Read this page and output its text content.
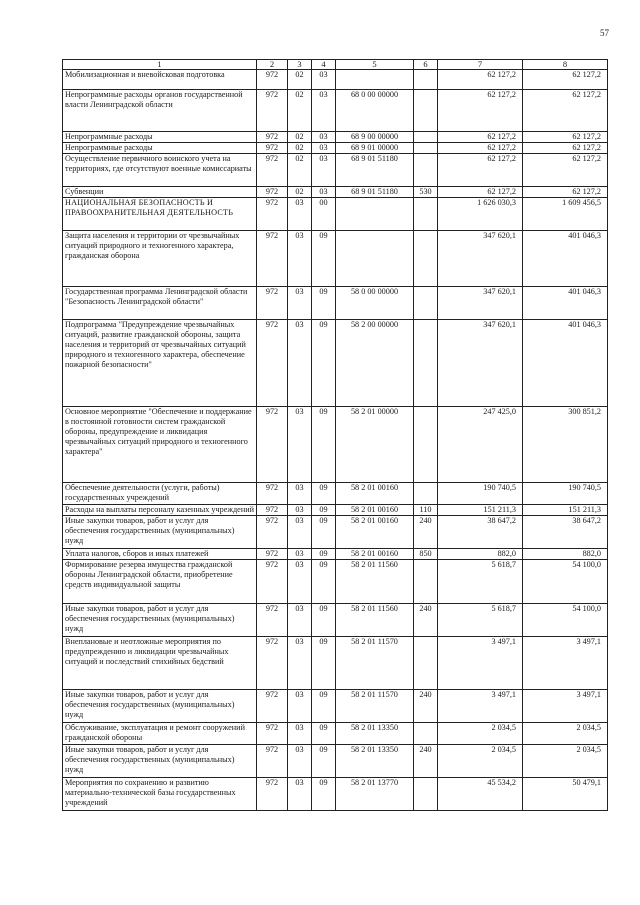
57
1	2	3	4	5	6	7	8
Мобилизационная и вневойсковая подготовка	972	02	03			62 127,2	62 127,2
Непрограммные расходы органов государственной власти Ленинградской области	972	02	03	68 0 00 00000		62 127,2	62 127,2
Непрограммные расходы	972	02	03	68 9 00 00000		62 127,2	62 127,2
Непрограммные расходы	972	02	03	68 9 01 00000		62 127,2	62 127,2
Осуществление первичного воинского учета на территориях, где отсутствуют военные комиссариаты	972	02	03	68 9 01 51180		62 127,2	62 127,2
Субвенции	972	02	03	68 9 01 51180	530	62 127,2	62 127,2
НАЦИОНАЛЬНАЯ БЕЗОПАСНОСТЬ И ПРАВООХРАНИТЕЛЬНАЯ ДЕЯТЕЛЬНОСТЬ	972	03	00			1 626 030,3	1 609 456,5
Защита населения и территории от чрезвычайных ситуаций природного и техногенного характера, гражданская оборона	972	03	09			347 620,1	401 046,3
Государственная программа Ленинградской области "Безопасность Ленинградской области"	972	03	09	58 0 00 00000		347 620,1	401 046,3
Подпрограмма "Предупреждение чрезвычайных ситуаций, развитие гражданской обороны, защита населения и территорий от чрезвычайных ситуаций природного и техногенного характера, обеспечение пожарной безопасности"	972	03	09	58 2 00 00000		347 620,1	401 046,3
Основное мероприятие "Обеспечение и поддержание в постоянной готовности систем гражданской обороны, предупреждение и ликвидация чрезвычайных ситуаций природного и техногенного характера"	972	03	09	58 2 01 00000		247 425,0	300 851,2
Обеспечение деятельности (услуги, работы) государственных учреждений	972	03	09	58 2 01 00160		190 740,5	190 740,5
Расходы на выплаты персоналу казенных учреждений	972	03	09	58 2 01 00160	110	151 211,3	151 211,3
Иные закупки товаров, работ и услуг для обеспечения государственных (муниципальных) нужд	972	03	09	58 2 01 00160	240	38 647,2	38 647,2
Уплата налогов, сборов и иных платежей	972	03	09	58 2 01 00160	850	882,0	882,0
Формирование резерва имущества гражданской обороны Ленинградской области, приобретение средств индивидуальной защиты	972	03	09	58 2 01 11560		5 618,7	54 100,0
Иные закупки товаров, работ и услуг для обеспечения государственных (муниципальных) нужд	972	03	09	58 2 01 11560	240	5 618,7	54 100,0
Внеплановые и неотложные мероприятия по предупреждению и ликвидации чрезвычайных ситуаций и последствий стихийных бедствий	972	03	09	58 2 01 11570		3 497,1	3 497,1
Иные закупки товаров, работ и услуг для обеспечения государственных (муниципальных) нужд	972	03	09	58 2 01 11570	240	3 497,1	3 497,1
Обслуживание, эксплуатация и ремонт сооружений гражданской обороны	972	03	09	58 2 01 13350		2 034,5	2 034,5
Иные закупки товаров, работ и услуг для обеспечения государственных (муниципальных) нужд	972	03	09	58 2 01 13350	240	2 034,5	2 034,5
Мероприятия по сохранению и развитию материально-технической базы государственных учреждений	972	03	09	58 2 01 13770		45 534,2	50 479,1
